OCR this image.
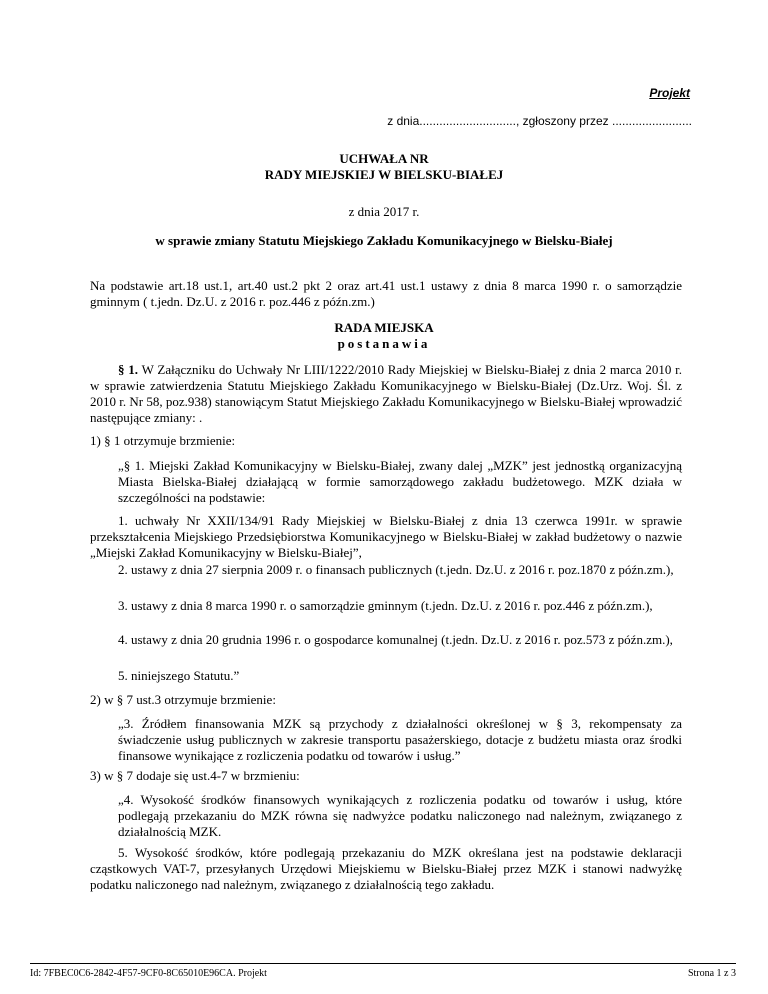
Projekt
z dnia............................., zgłoszony przez ........................
UCHWAŁA NR
RADY MIEJSKIEJ W BIELSKU-BIAŁEJ
z dnia 2017 r.
w sprawie zmiany Statutu Miejskiego Zakładu Komunikacyjnego w Bielsku-Białej
Na podstawie art.18 ust.1, art.40 ust.2 pkt 2 oraz art.41 ust.1 ustawy z dnia 8 marca 1990 r. o samorządzie gminnym ( t.jedn. Dz.U. z 2016 r. poz.446 z późn.zm.)
RADA MIEJSKA
postanawia
§ 1. W Załączniku do Uchwały Nr LIII/1222/2010 Rady Miejskiej w Bielsku-Białej z dnia 2 marca 2010 r. w sprawie zatwierdzenia Statutu Miejskiego Zakładu Komunikacyjnego w Bielsku-Białej (Dz.Urz. Woj. Śl. z 2010 r. Nr 58, poz.938) stanowiącym Statut Miejskiego Zakładu Komunikacyjnego w Bielsku-Białej wprowadzić następujące zmiany: .
1) § 1 otrzymuje brzmienie:
„§ 1. Miejski Zakład Komunikacyjny w Bielsku-Białej, zwany dalej „MZK” jest jednostką organizacyjną Miasta Bielska-Białej działającą w formie samorządowego zakładu budżetowego. MZK działa w szczególności na podstawie:
1. uchwały Nr XXII/134/91 Rady Miejskiej w Bielsku-Białej z dnia 13 czerwca 1991r. w sprawie przekształcenia Miejskiego Przedsiębiorstwa Komunikacyjnego w Bielsku-Białej w zakład budżetowy o nazwie „Miejski Zakład Komunikacyjny w Bielsku-Białej”,
2. ustawy z dnia 27 sierpnia 2009 r. o finansach publicznych (t.jedn. Dz.U. z 2016 r. poz.1870 z późn.zm.),
3. ustawy z dnia 8 marca 1990 r. o samorządzie gminnym (t.jedn. Dz.U. z 2016 r. poz.446 z późn.zm.),
4. ustawy z dnia 20 grudnia 1996 r. o gospodarce komunalnej (t.jedn. Dz.U. z 2016 r. poz.573 z późn.zm.),
5. niniejszego Statutu.”
2) w § 7 ust.3 otrzymuje brzmienie:
„3. Źródłem finansowania MZK są przychody z działalności określonej w § 3, rekompensaty za świadczenie usług publicznych w zakresie transportu pasażerskiego, dotacje z budżetu miasta oraz środki finansowe wynikające z rozliczenia podatku od towarów i usług.”
3) w § 7 dodaje się ust.4-7 w brzmieniu:
„4. Wysokość środków finansowych wynikających z rozliczenia podatku od towarów i usług, które podlegają przekazaniu do MZK równa się nadwyżce podatku naliczonego nad należnym, związanego z działalnością MZK.
5. Wysokość środków, które podlegają przekazaniu do MZK określana jest na podstawie deklaracji cząstkowych VAT-7, przesyłanych Urzędowi Miejskiemu w Bielsku-Białej przez MZK i stanowi nadwyżkę podatku naliczonego nad należnym, związanego z działalnością tego zakładu.
Id: 7FBEC0C6-2842-4F57-9CF0-8C65010E96CA. Projekt	Strona 1 z 3
